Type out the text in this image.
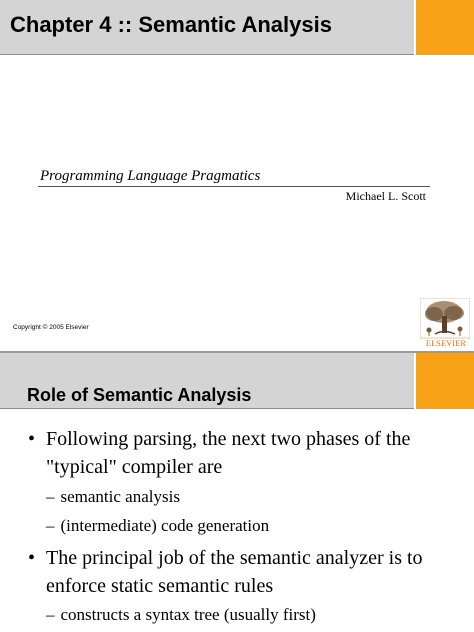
Chapter 4 :: Semantic Analysis
Programming Language Pragmatics
Michael L. Scott
Copyright © 2005 Elsevier
ELSEVIER
Role of Semantic Analysis
• Following parsing, the next two phases of the "typical" compiler are
– semantic analysis
– (intermediate) code generation
• The principal job of the semantic analyzer is to enforce static semantic rules
– constructs a syntax tree (usually first)
